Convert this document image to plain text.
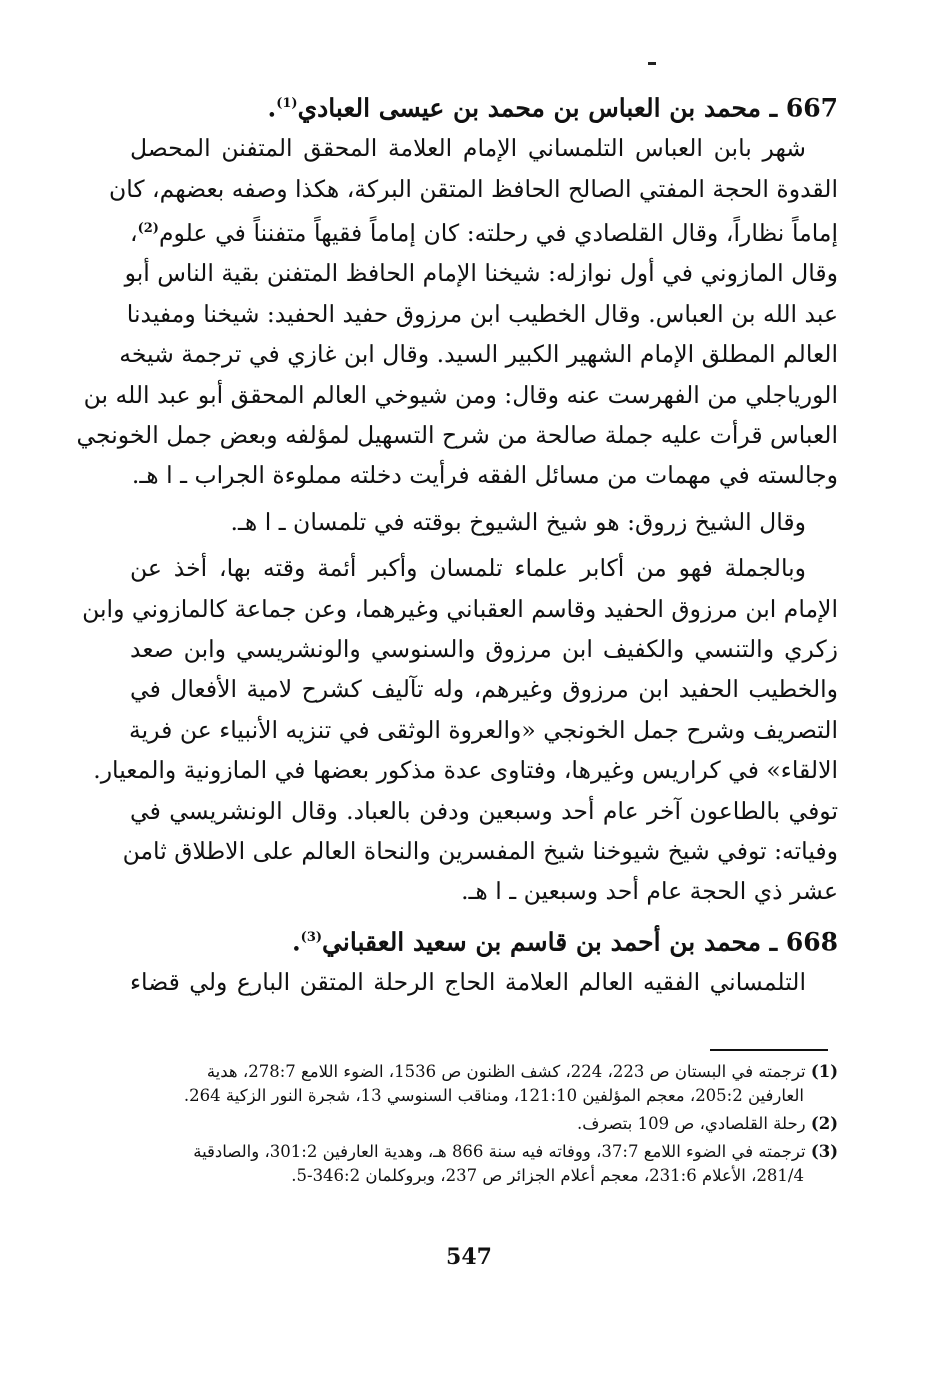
667 ـ محمد بن العباس بن محمد بن عيسى العبادي$^{(1)}$.

شهر بابن العباس التلمساني الإمام العلامة المحقق المتفنن المحصل
القدوة الحجة المفتي الصالح الحافظ المتقن البركة، هكذا وصفه بعضهم، كان
إماماً نظاراً، وقال القلصادي في رحلته: كان إماماً فقيهاً متفنناً في علوم$^{(2)}$،
وقال المازوني في أول نوازله: شيخنا الإمام الحافظ المتفنن بقية الناس أبو
عبد الله بن العباس. وقال الخطيب ابن مرزوق حفيد الحفيد: شيخنا ومفيدنا
العالم المطلق الإمام الشهير الكبير السيد. وقال ابن غازي في ترجمة شيخه
الورياجلي من الفهرست عنه وقال: ومن شيوخي العالم المحقق أبو عبد الله بن
العباس قرأت عليه جملة صالحة من شرح التسهيل لمؤلفه وبعض جمل الخونجي
وجالسته في مهمات من مسائل الفقه فرأيت دخلته مملوءة الجراب ـ ا هـ.

وقال الشيخ زروق: هو شيخ الشيوخ بوقته في تلمسان ـ ا هـ.

وبالجملة فهو من أكابر علماء تلمسان وأكبر أئمة وقته بها، أخذ عن
الإمام ابن مرزوق الحفيد وقاسم العقباني وغيرهما، وعن جماعة كالمازوني وابن
زكري والتنسي والكفيف ابن مرزوق والسنوسي والونشريسي وابن صعد
والخطيب الحفيد ابن مرزوق وغيرهم، وله تآليف كشرح لامية الأفعال في
التصريف وشرح جمل الخونجي «والعروة الوثقى في تنزيه الأنبياء عن فرية
الالقاء» في كراريس وغيرها، وفتاوى عدة مذكور بعضها في المازونية والمعيار.
توفي بالطاعون آخر عام أحد وسبعين ودفن بالعباد. وقال الونشريسي في
وفياته: توفي شيخ شيوخنا شيخ المفسرين والنحاة العالم على الاطلاق ثامن
عشر ذي الحجة عام أحد وسبعين ـ ا هـ.

668 ـ محمد بن أحمد بن قاسم بن سعيد العقباني$^{(3)}$.

التلمساني الفقيه العالم العلامة الحاج الرحلة المتقن البارع ولي قضاء

(1) ترجمته في البستان ص 223، 224، كشف الظنون ص 1536، الضوء اللامع 278:7، هدية
العارفين 205:2، معجم المؤلفين 121:10، ومناقب السنوسي 13، شجرة النور الزكية 264.

(2) رحلة القلصادي، ص 109 بتصرف.

(3) ترجمته في الضوء اللامع 37:7، ووفاته فيه سنة 866 هـ، وهدية العارفين 301:2، والصادقية
281/4، الأعلام 231:6، معجم أعلام الجزائر ص 237، وبروكلمان 346:2-5.

547
